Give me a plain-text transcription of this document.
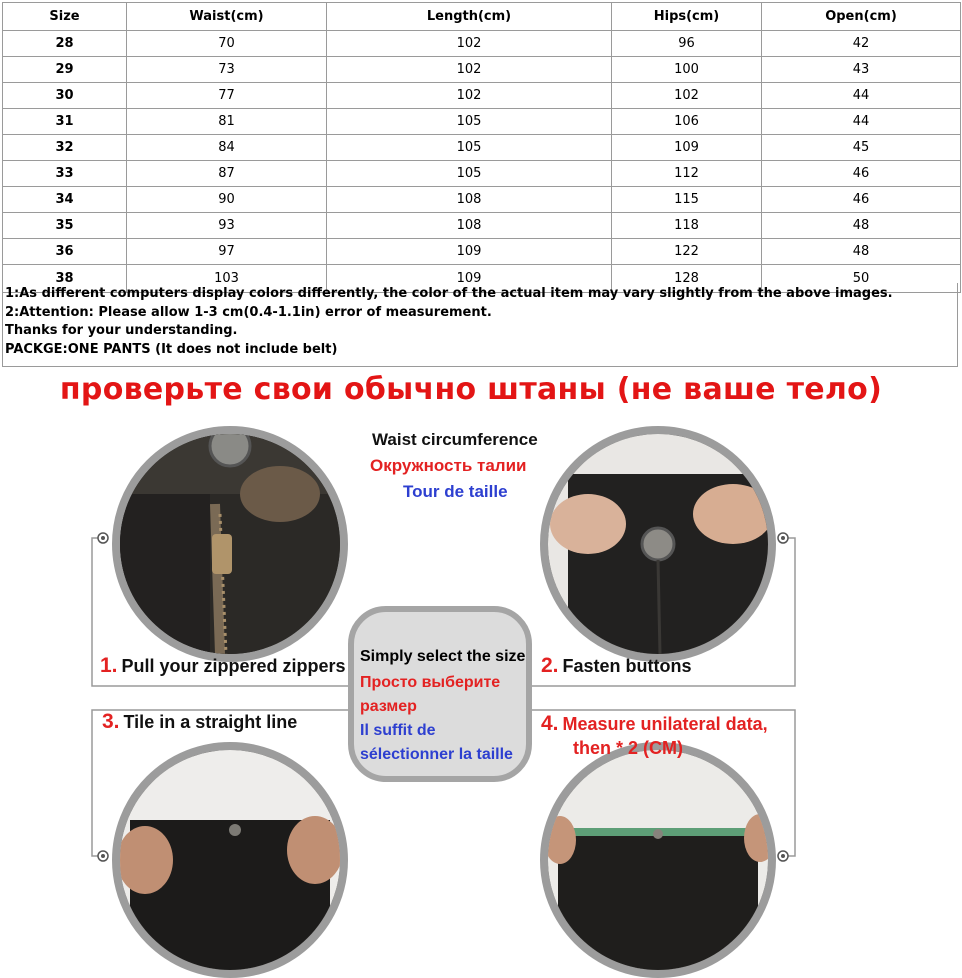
Size	Waist(cm)	Length(cm)	Hips(cm)	Open(cm)
28	70	102	96	42
29	73	102	100	43
30	77	102	102	44
31	81	105	106	44
32	84	105	109	45
33	87	105	112	46
34	90	108	115	46
35	93	108	118	48
36	97	109	122	48
38	103	109	128	50
1:As different computers display colors differently, the color of the actual item may vary slightly from the above images.
2:Attention: Please allow 1-3 cm(0.4-1.1in) error of measurement.
Thanks for your understanding.
PACKGE:ONE PANTS (It does not include belt)
проверьте свои обычно штаны (не ваше тело)
Waist circumference
Окружность талии
Tour de taille
1. Pull your zippered zippers	2. Fasten buttons
3. Tile in a straight line	4. Measure unilateral data,
then * 2 (CM)
Simply select the size
Просто выберите
размер
Il suffit de
sélectionner la taille
